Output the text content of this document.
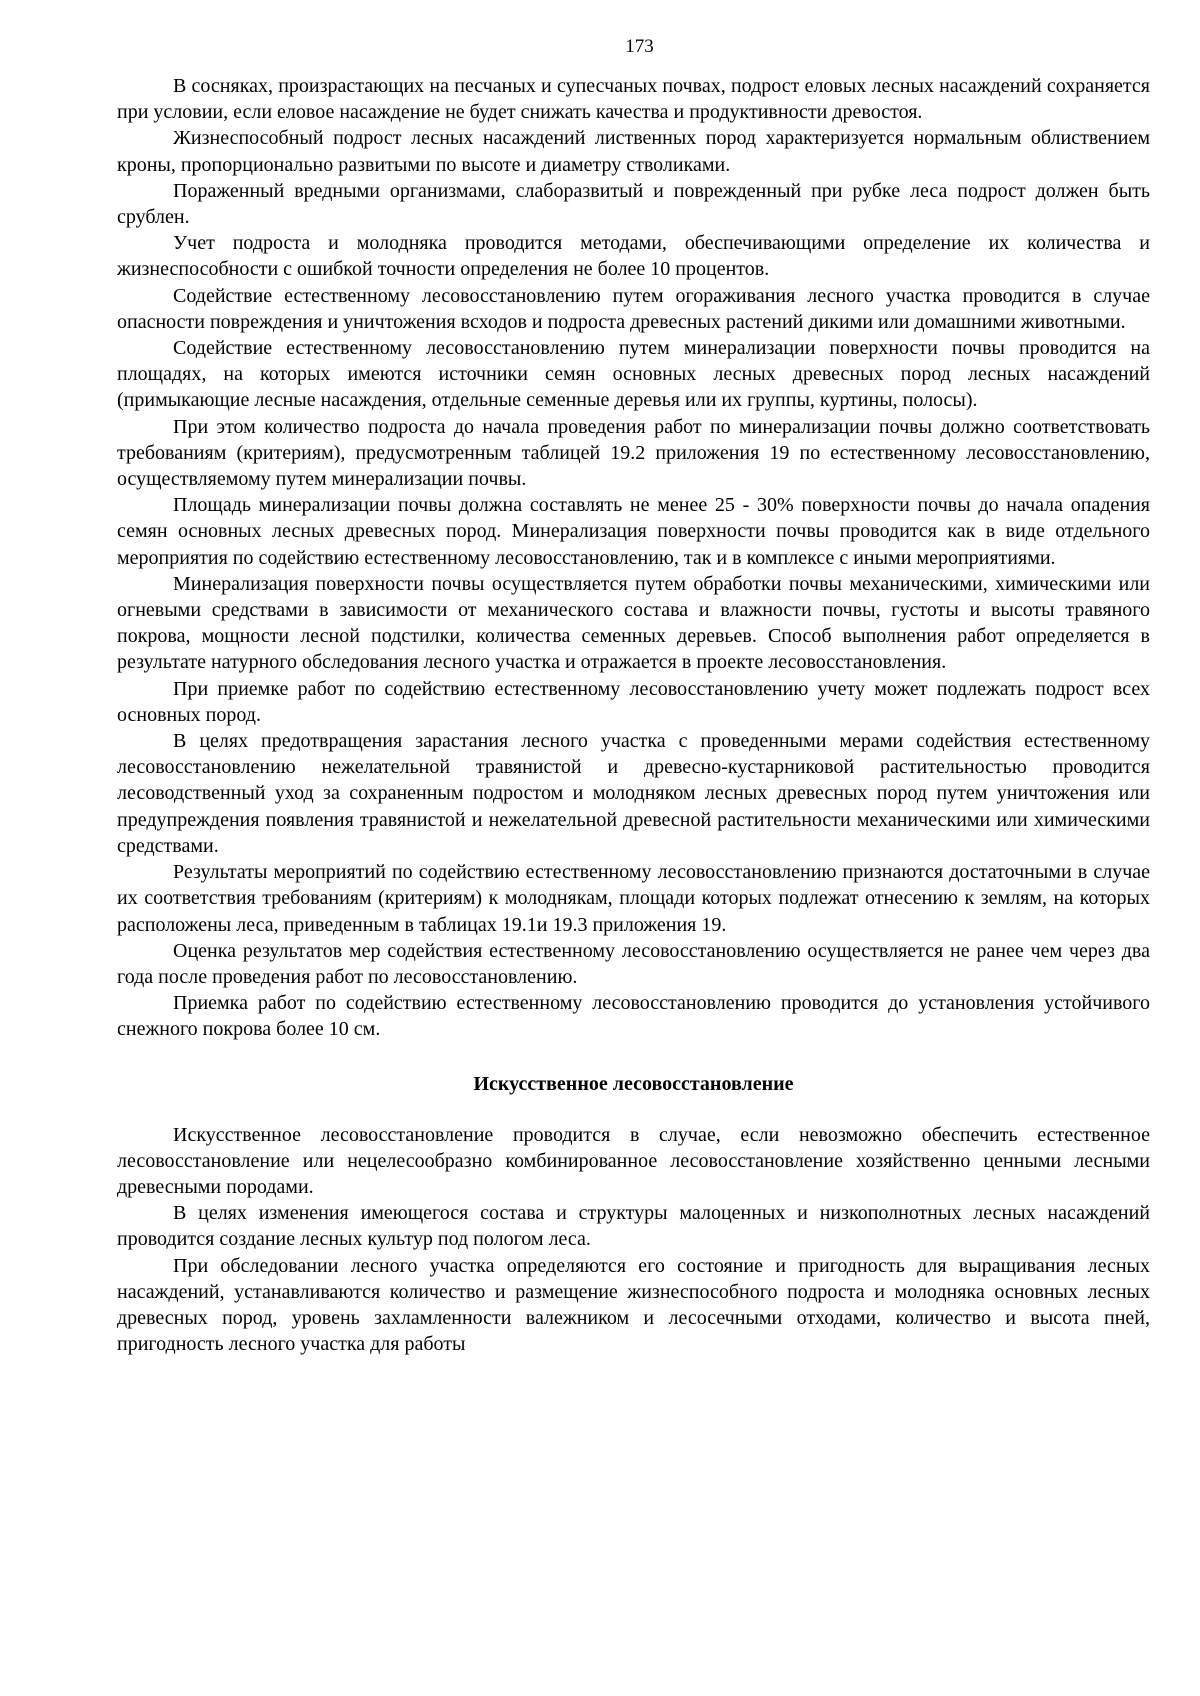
173

В сосняках, произрастающих на песчаных и супесчаных почвах, подрост еловых лесных насаждений сохраняется при условии, если еловое насаждение не будет снижать качества и продуктивности древостоя.

Жизнеспособный подрост лесных насаждений лиственных пород характеризуется нормальным облиствением кроны, пропорционально развитыми по высоте и диаметру стволиками.

Пораженный вредными организмами, слаборазвитый и поврежденный при рубке леса подрост должен быть срублен.

Учет подроста и молодняка проводится методами, обеспечивающими определение их количества и жизнеспособности с ошибкой точности определения не более 10 процентов.

Содействие естественному лесовосстановлению путем огораживания лесного участка проводится в случае опасности повреждения и уничтожения всходов и подроста древесных растений дикими или домашними животными.

Содействие естественному лесовосстановлению путем минерализации поверхности почвы проводится на площадях, на которых имеются источники семян основных лесных древесных пород лесных насаждений (примыкающие лесные насаждения, отдельные семенные деревья или их группы, куртины, полосы).

При этом количество подроста до начала проведения работ по минерализации почвы должно соответствовать требованиям (критериям), предусмотренным таблицей 19.2 приложения 19 по естественному лесовосстановлению, осуществляемому путем минерализации почвы.

Площадь минерализации почвы должна составлять не менее 25 - 30% поверхности почвы до начала опадения семян основных лесных древесных пород. Минерализация поверхности почвы проводится как в виде отдельного мероприятия по содействию естественному лесовосстановлению, так и в комплексе с иными мероприятиями.

Минерализация поверхности почвы осуществляется путем обработки почвы механическими, химическими или огневыми средствами в зависимости от механического состава и влажности почвы, густоты и высоты травяного покрова, мощности лесной подстилки, количества семенных деревьев. Способ выполнения работ определяется в результате натурного обследования лесного участка и отражается в проекте лесовосстановления.

При приемке работ по содействию естественному лесовосстановлению учету может подлежать подрост всех основных пород.

В целях предотвращения зарастания лесного участка с проведенными мерами содействия естественному лесовосстановлению нежелательной травянистой и древесно-кустарниковой растительностью проводится лесоводственный уход за сохраненным подростом и молодняком лесных древесных пород путем уничтожения или предупреждения появления травянистой и нежелательной древесной растительности механическими или химическими средствами.

Результаты мероприятий по содействию естественному лесовосстановлению признаются достаточными в случае их соответствия требованиям (критериям) к молоднякам, площади которых подлежат отнесению к землям, на которых расположены леса, приведенным в таблицах 19.1и 19.3 приложения 19.

Оценка результатов мер содействия естественному лесовосстановлению осуществляется не ранее чем через два года после проведения работ по лесовосстановлению.

Приемка работ по содействию естественному лесовосстановлению проводится до установления устойчивого снежного покрова более 10 см.

Искусственное лесовосстановление

Искусственное лесовосстановление проводится в случае, если невозможно обеспечить естественное лесовосстановление или нецелесообразно комбинированное лесовосстановление хозяйственно ценными лесными древесными породами.

В целях изменения имеющегося состава и структуры малоценных и низкополнотных лесных насаждений проводится создание лесных культур под пологом леса.

При обследовании лесного участка определяются его состояние и пригодность для выращивания лесных насаждений, устанавливаются количество и размещение жизнеспособного подроста и молодняка основных лесных древесных пород, уровень захламленности валежником и лесосечными отходами, количество и высота пней, пригодность лесного участка для работы
